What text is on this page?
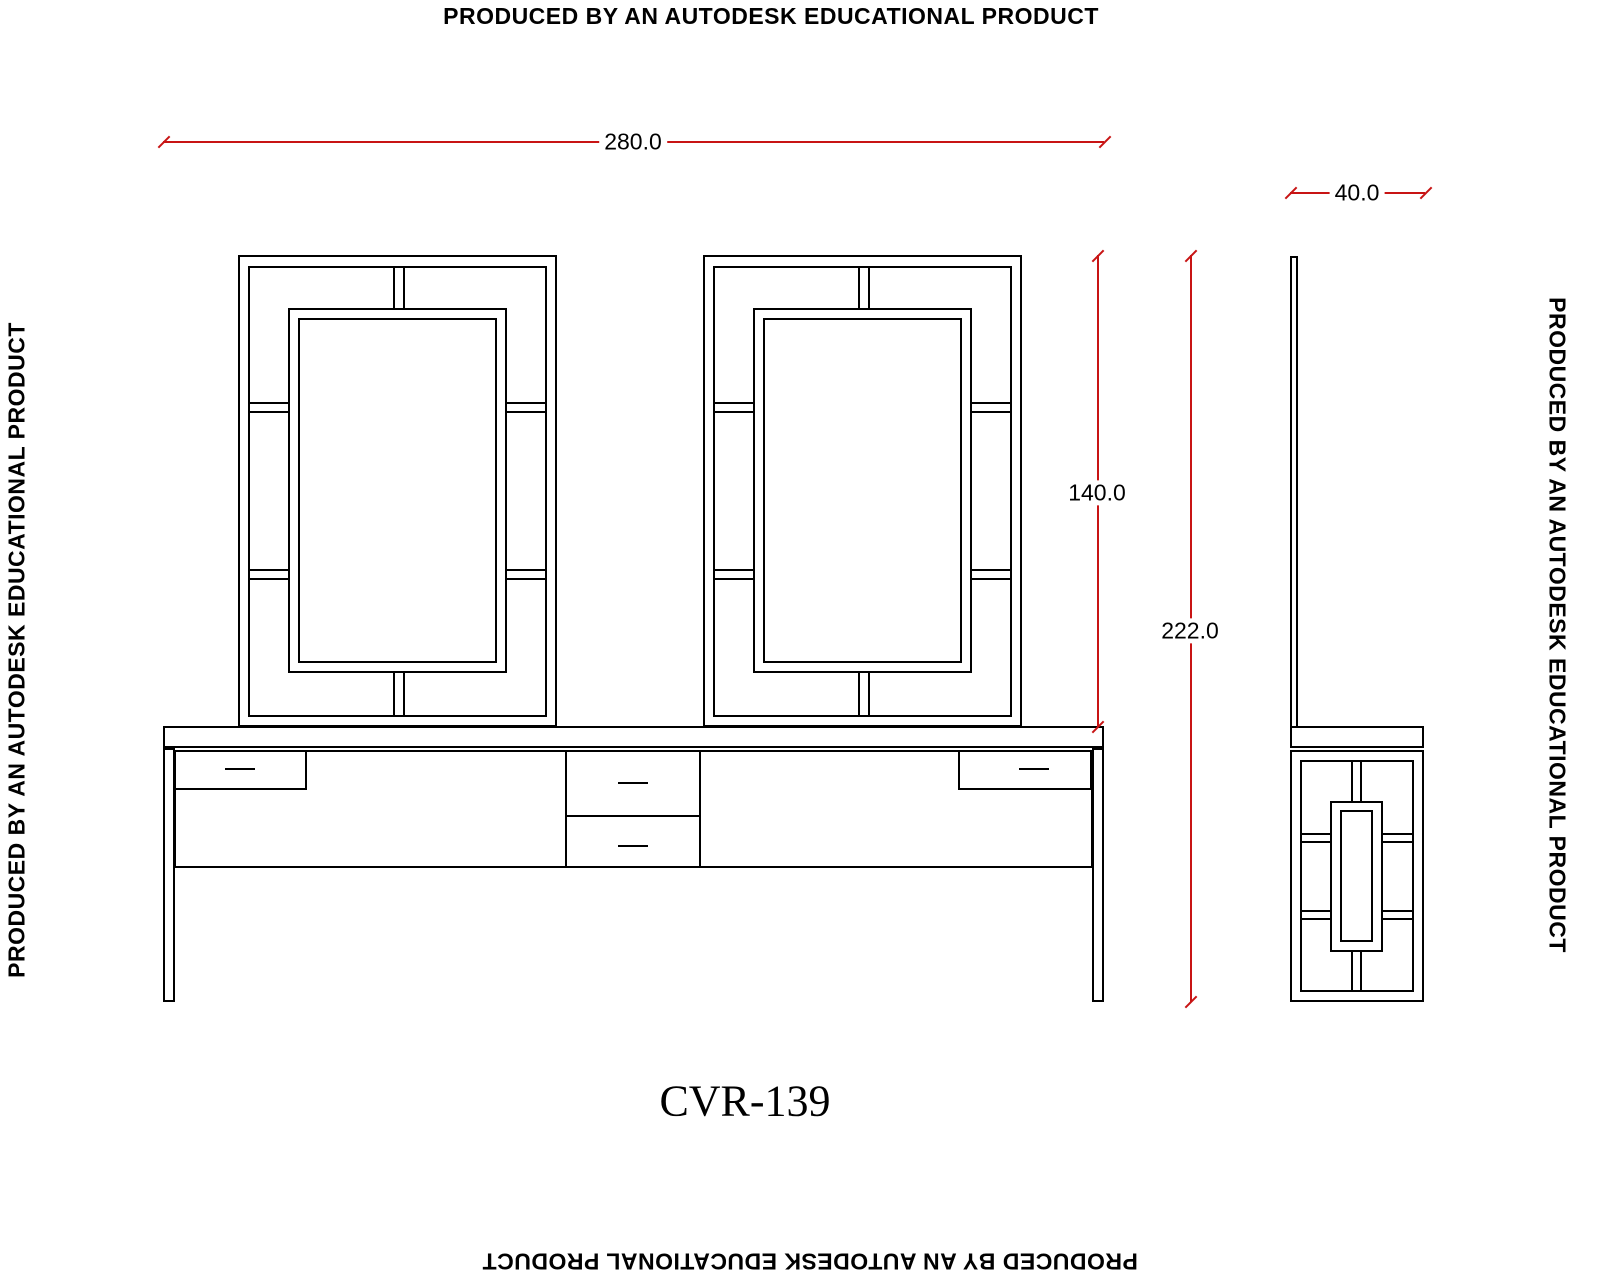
PRODUCED BY AN AUTODESK EDUCATIONAL PRODUCT
PRODUCED BY AN AUTODESK EDUCATIONAL PRODUCT
PRODUCED BY AN AUTODESK EDUCATIONAL PRODUCT	PRODUCED BY AN AUTODESK EDUCATIONAL PRODUCT
280.0
40.0
140.0
222.0
CVR-139
